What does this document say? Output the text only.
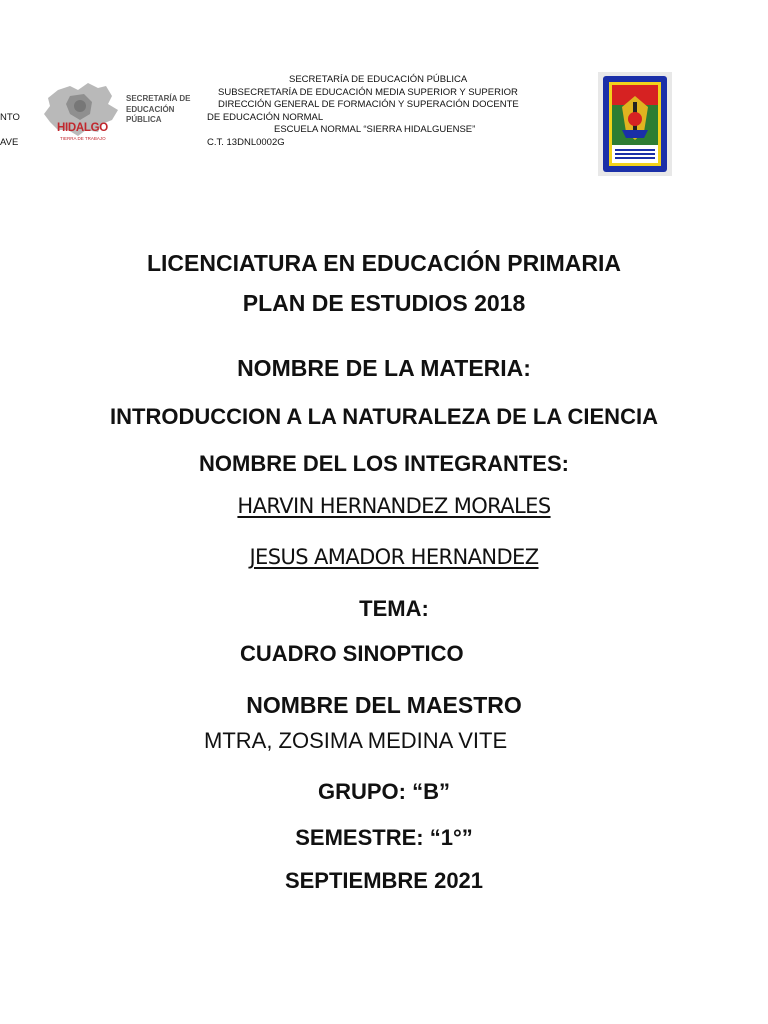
NTO
AVE
HIDALGO
TIERRA DE TRABAJO
SECRETARÍA DE
EDUCACIÓN
PÚBLICA
SECRETARÍA DE EDUCACIÓN PÚBLICA
SUBSECRETARÍA DE EDUCACIÓN MEDIA SUPERIOR Y SUPERIOR
DIRECCIÓN GENERAL DE FORMACIÓN Y SUPERACIÓN DOCENTE
DE EDUCACIÓN NORMAL
ESCUELA NORMAL “SIERRA HIDALGUENSE”
C.T. 13DNL0002G
LICENCIATURA EN EDUCACIÓN PRIMARIA
PLAN DE ESTUDIOS 2018
NOMBRE DE LA MATERIA:
INTRODUCCION A LA NATURALEZA DE LA CIENCIA
NOMBRE DEL LOS INTEGRANTES:
HARVIN HERNANDEZ MORALES
JESUS AMADOR HERNANDEZ
TEMA:
CUADRO SINOPTICO
NOMBRE DEL MAESTRO
MTRA, ZOSIMA MEDINA VITE
GRUPO: “B”
SEMESTRE: “1°”
SEPTIEMBRE 2021
